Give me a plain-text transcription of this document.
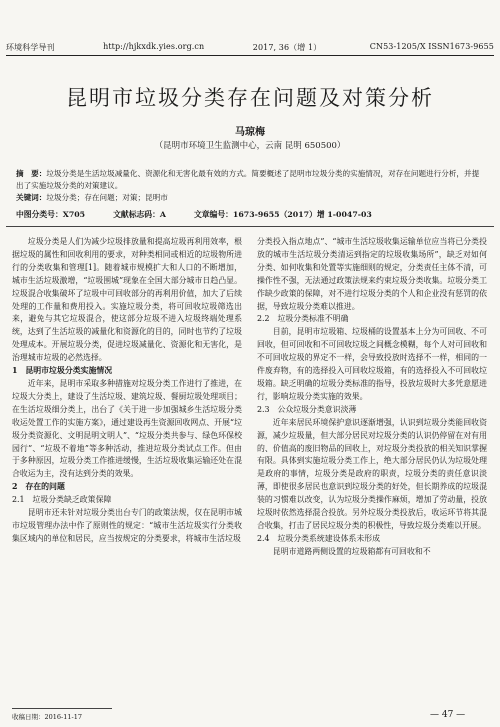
环境科学导刊	http://hjkxdk.yies.org.cn	2017, 36（增 1）	CN53-1205/X ISSN1673-9655
昆明市垃圾分类存在问题及对策分析
马琼梅
（昆明市环境卫生监测中心，云南 昆明 650500）
摘　要：垃圾分类是生活垃圾减量化、资源化和无害化最有效的方式。简要概述了昆明市垃圾分类的实施情况，对存在问题进行分析，并提出了实施垃圾分类的对策建议。
关键词：垃圾分类；存在问题；对策；昆明市
中图分类号：X705	文献标志码：A	文章编号：1673-9655（2017）增 1-0047-03

垃圾分类是人们为减少垃圾排放量和提高垃圾再利用效率，根据垃圾的属性和回收利用的要求，对种类相同或相近的垃圾物所进行的分类收集和管理[1]。随着城市规模扩大和人口的不断增加，城市生活垃圾激增，“垃圾围城”现象在全国大部分城市日趋凸显。垃圾混合收集破坏了垃圾中可回收部分的再利用价值，加大了后续处理的工作量和费用投入。实施垃圾分类，将可回收垃圾筛选出来，避免与其它垃圾混合，使这部分垃圾不进入垃圾终端处理系统，达到了生活垃圾的减量化和资源化的目的，同时也节约了垃圾处理成本。开展垃圾分类，促进垃圾减量化、资源化和无害化，是治理城市垃圾的必然选择。

1　昆明市垃圾分类实施情况

近年来，昆明市采取多种措施对垃圾分类工作进行了推进，在垃圾大分类上，建设了生活垃圾、建筑垃圾、餐厨垃圾处理项目；在生活垃圾细分类上，出台了《关于进一步加强城乡生活垃圾分类收运处置工作的实施方案》，通过建设再生资源回收网点、开展“垃圾分类资源化、文明昆明文明人”、“垃圾分类共参与、绿色环保校园行”、“垃圾不着地”等多种活动，推进垃圾分类试点工作。但由于多种原因，垃圾分类工作推进缓慢，生活垃圾收集运输还处在混合收运为主，没有达到分类的效果。

2　存在的问题

2.1　垃圾分类缺乏政策保障

昆明市还未针对垃圾分类出台专门的政策法规，仅在昆明市城市垃圾管理办法中作了原则性的规定：“城市生活垃圾实行分类收集区域内的单位和居民，应当按规定的分类要求，将城市生活垃圾

分类投入指点地点”、“城市生活垃圾收集运输单位应当将已分类投放的城市生活垃圾分类清运到指定的垃圾收集场所”，缺乏对如何分类、如何收集和处置等实施细则的规定，分类责任主体不清，可操作性不强，无法通过政策法规来约束垃圾分类收集。垃圾分类工作缺少政策的保障，对不进行垃圾分类的个人和企业没有惩罚的依据，导致垃圾分类难以推进。

2.2　垃圾分类标准不明确

目前，昆明市垃圾箱、垃圾桶的设置基本上分为可回收、不可回收，但可回收和不可回收垃圾之间概念模糊，每个人对可回收和不可回收垃圾的界定不一样，会导致投放时选择不一样，相同的一件废弃物，有的选择投入可回收垃圾箱，有的选择投入不可回收垃圾箱。缺乏明确的垃圾分类标准的指导，投放垃圾时大多凭意愿进行，影响垃圾分类实施的效果。

2.3　公众垃圾分类意识淡薄

近年来居民环境保护意识逐渐增强，认识到垃圾分类能回收资源，减少垃圾量，但大部分居民对垃圾分类的认识仍停留在对有用的、价值高的废旧物品的回收上，对垃圾分类投放的相关知识掌握有限。具体到实施垃圾分类工作上，绝大部分居民仍认为垃圾处理是政府的事情，垃圾分类是政府的职责，垃圾分类的责任意识淡薄，即使很多居民也意识到垃圾分类的好处，但长期养成的垃圾混装的习惯难以改变，认为垃圾分类操作麻烦，增加了劳动量，投放垃圾时依然选择混合投放。另外垃圾分类投放后，收运环节将其混合收集，打击了居民垃圾分类的积极性，导致垃圾分类难以开展。

2.4　垃圾分类系统建设体系未形成

昆明市道路两侧设置的垃圾箱都有可回收和不

收稿日期：2016-11-17	— 47 —
